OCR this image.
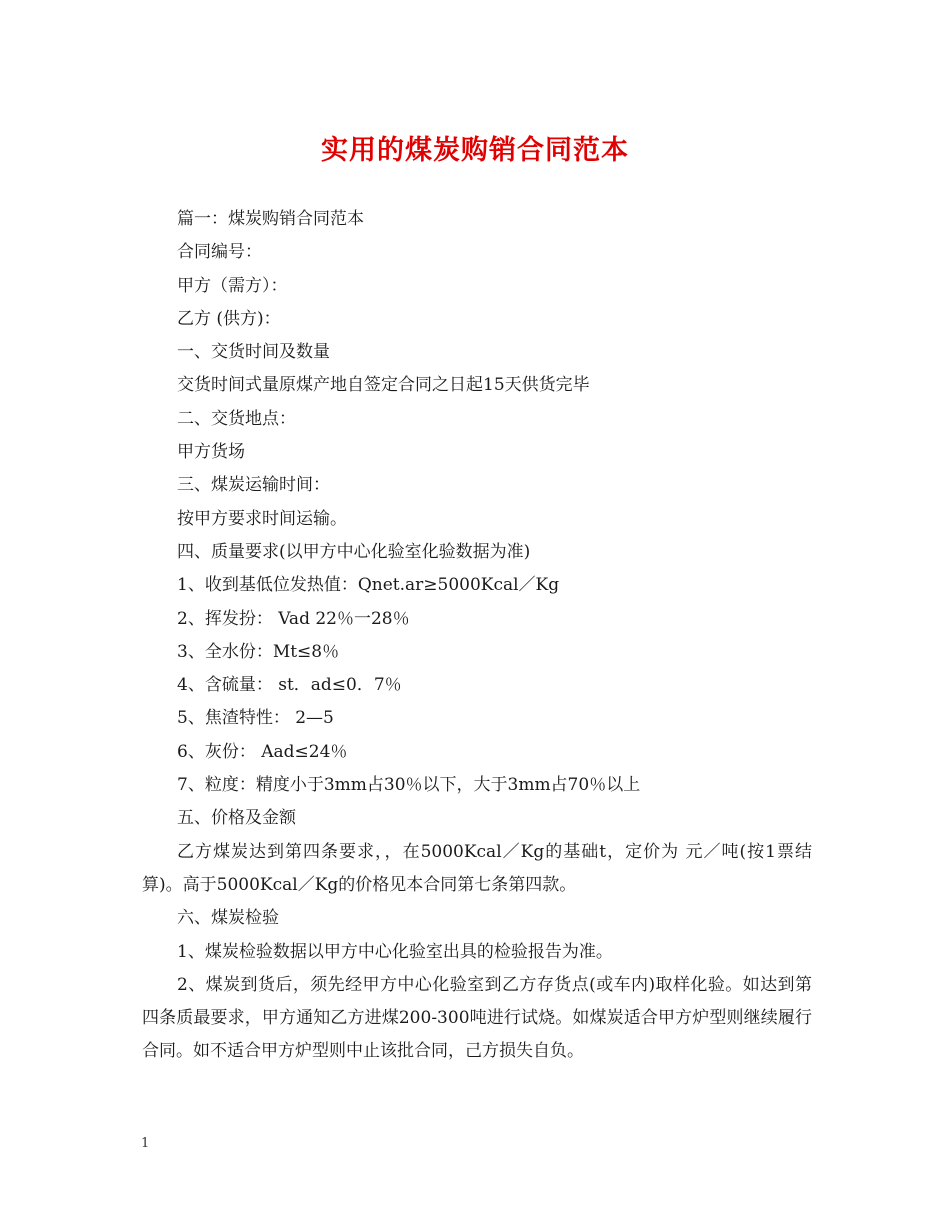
实用的煤炭购销合同范本
篇一：煤炭购销合同范本
合同编号：
甲方（需方）：
乙方 (供方)：
一、交货时间及数量
交货时间式量原煤产地自签定合同之日起15天供货完毕
二、交货地点：
甲方货场
三、煤炭运输时间：
按甲方要求时间运输。
四、质量要求(以甲方中心化验室化验数据为准)
1、收到基低位发热值：Qnet.ar≥5000Kcal／Kg
2、挥发扮： Vad 22％一28％
3、全水份：Mt≤8％
4、含硫量： st．ad≤0．7％
5、焦渣特性： 2—5
6、灰份： Aad≤24％
7、粒度：精度小于3mm占30％以下，大于3mm占70％以上
五、价格及金额
乙方煤炭达到第四条要求，，在5000Kcal／Kg的基础t，定价为 元／吨(按1票结算)。高于5000Kcal／Kg的价格见本合同第七条第四款。
六、煤炭检验
1、煤炭检验数据以甲方中心化验室出具的检验报告为准。
2、煤炭到货后，须先经甲方中心化验室到乙方存货点(或车内)取样化验。如达到第四条质最要求，甲方通知乙方进煤200-300吨进行试烧。如煤炭适合甲方炉型则继续履行合同。如不适合甲方炉型则中止该批合同，己方损失自负。
1
